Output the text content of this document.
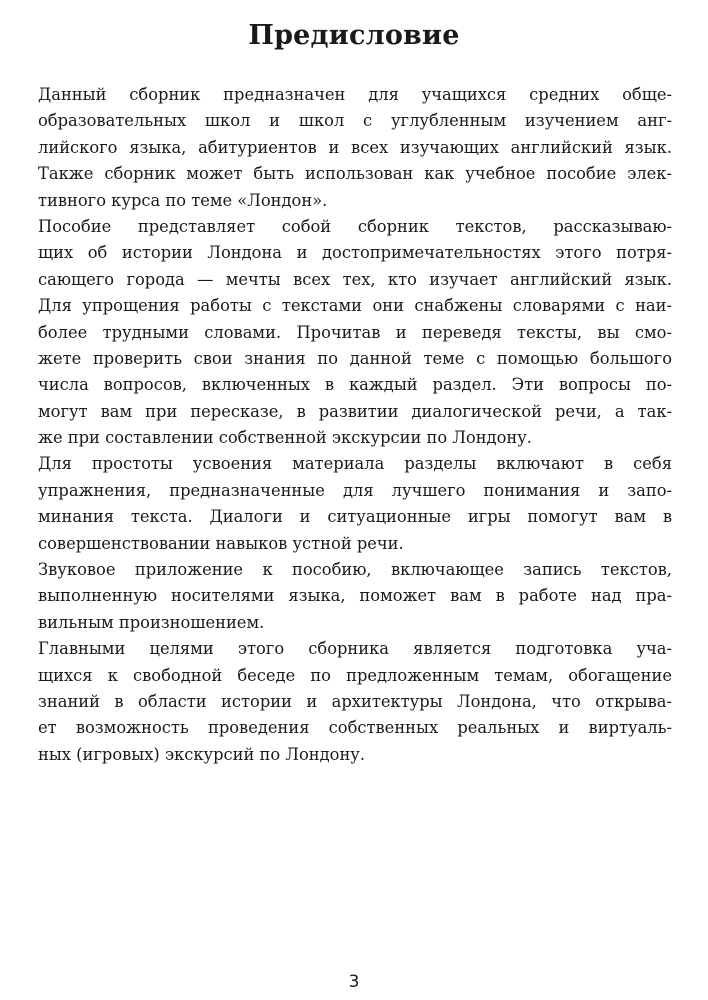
Предисловие
Данный сборник предназначен для учащихся средних обще-
образовательных школ и школ с углубленным изучением анг-
лийского языка, абитуриентов и всех изучающих английский язык.
Также сборник может быть использован как учебное пособие элек-
тивного курса по теме «Лондон».
Пособие представляет собой сборник текстов, рассказываю-
щих об истории Лондона и достопримечательностях этого потря-
сающего города — мечты всех тех, кто изучает английский язык.
Для упрощения работы с текстами они снабжены словарями с наи-
более трудными словами. Прочитав и переведя тексты, вы смо-
жете проверить свои знания по данной теме с помощью большого
числа вопросов, включенных в каждый раздел. Эти вопросы по-
могут вам при пересказе, в развитии диалогической речи, а так-
же при составлении собственной экскурсии по Лондону.
Для простоты усвоения материала разделы включают в себя
упражнения, предназначенные для лучшего понимания и запо-
минания текста. Диалоги и ситуационные игры помогут вам в
совершенствовании навыков устной речи.
Звуковое приложение к пособию, включающее запись текстов,
выполненную носителями языка, поможет вам в работе над пра-
вильным произношением.
Главными целями этого сборника является подготовка уча-
щихся к свободной беседе по предложенным темам, обогащение
знаний в области истории и архитектуры Лондона, что открыва-
ет возможность проведения собственных реальных и виртуаль-
ных (игровых) экскурсий по Лондону.
3
